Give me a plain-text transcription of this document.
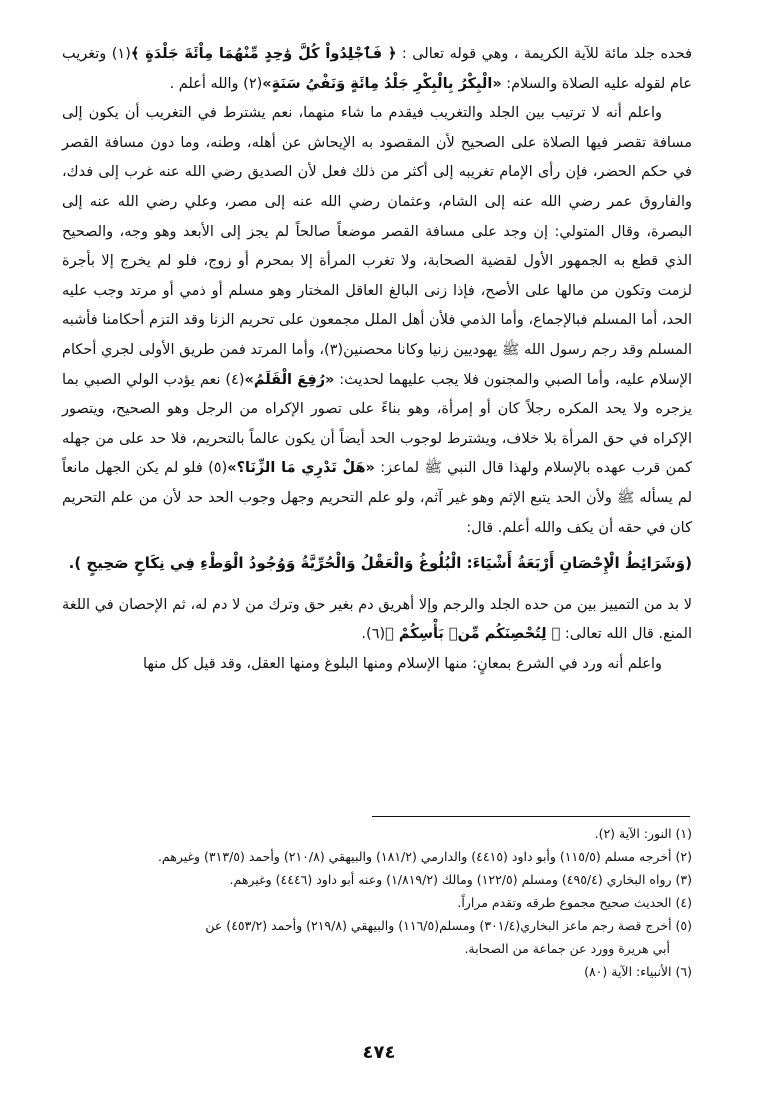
فحده جلد مائة للآية الكريمة ، وهي قوله تعالى : ﴿ فَٱجْلِدُواْ كُلَّ وَٰحِدٍ مِّنْهُمَا مِاْئَةَ جَلْدَةٍ ﴾(١) وتغريب عام لقوله عليه الصلاة والسلام: «الْبِكْرُ بِالْبِكْرِ جَلْدُ مِائَةٍ وَنَفْيُ سَنَةٍ»(٢) والله أعلم .

واعلم أنه لا ترتيب بين الجلد والتغريب فيقدم ما شاء منهما، نعم يشترط في التغريب أن يكون إلى مسافة تقصر فيها الصلاة على الصحيح لأن المقصود به الإيحاش عن أهله، وطنه، وما دون مسافة القصر في حكم الحضر، فإن رأى الإمام تغريبه إلى أكثر من ذلك فعل لأن الصديق رضي الله عنه غرب إلى فدك، والفاروق عمر رضي الله عنه إلى الشام، وعثمان رضي الله عنه إلى مصر، وعلي رضي الله عنه إلى البصرة، وقال المتولي: إن وجد على مسافة القصر موضعاً صالحاً لم يجز إلى الأبعد وهو وجه، والصحيح الذي قطع به الجمهور الأول لقضية الصحابة، ولا تغرب المرأة إلا بمحرم أو زوج، فلو لم يخرج إلا بأجرة لزمت وتكون من مالها على الأصح، فإذا زنى البالغ العاقل المختار وهو مسلم أو ذمي أو مرتد وجب عليه الحد، أما المسلم فبالإجماع، وأما الذمي فلأن أهل الملل مجمعون على تحريم الزنا وقد التزم أحكامنا فأشبه المسلم وقد رجم رسول الله ﷺ يهوديين زنيا وكانا محصنين(٣)، وأما المرتد فمن طريق الأولى لجري أحكام الإسلام عليه، وأما الصبي والمجنون فلا يجب عليهما لحديث: «رُفِعَ الْقَلَمُ»(٤) نعم يؤدب الولي الصبي بما يزجره ولا يحد المكره رجلاً كان أو إمرأة، وهو بناءً على تصور الإكراه من الرجل وهو الصحيح، ويتصور الإكراه في حق المرأة بلا خلاف، ويشترط لوجوب الحد أيضاً أن يكون عالماً بالتحريم، فلا حد على من جهله كمن قرب عهده بالإسلام ولهذا قال النبي ﷺ لماعز: «هَلْ تَدْرِي مَا الزِّنَا؟»(٥) فلو لم يكن الجهل مانعاً لم يسأله ﷺ ولأن الحد يتبع الإثم وهو غير آثم، ولو علم التحريم وجهل وجوب الحد حد لأن من علم التحريم كان في حقه أن يكف والله أعلم. قال:

(وَشَرَائِطُ الْإِحْصَانِ أَرْبَعَةُ أَشْيَاءَ: الْبُلُوغُ وَالْعَقْلُ وَالْحُرِّيَّةُ وَوُجُودُ الْوَطْءِ فِي نِكَاحٍ صَحِيحٍ ).

لا بد من التمييز بين من حده الجلد والرجم وإلا أهريق دم بغير حق وترك من لا دم له، ثم الإحصان في اللغة المنع. قال الله تعالى: ﴿ لِتُحْصِنَكُم مِّنۢ بَأْسِكُمْ ﴾(٦).

واعلم أنه ورد في الشرع بمعانٍ: منها الإسلام ومنها البلوغ ومنها العقل، وقد قيل كل منها

(١) النور: الآية (٢).
(٢) أخرجه مسلم (١١٥/٥) وأبو داود (٤٤١٥) والدارمي (١٨١/٢) والبيهقي (٢١٠/٨) وأحمد (٣١٣/٥) وغيرهم.
(٣) رواه البخاري (٤٩٥/٤) ومسلم (١٢٢/٥) ومالك (١/٨١٩/٢) وعنه أبو داود (٤٤٤٦) وغيرهم.
(٤) الحديث صحيح مجموع طرقه وتقدم مراراً.
(٥) أخرج قصة رجم ماعز البخاري(٣٠١/٤) ومسلم(١١٦/٥) والبيهقي (٢١٩/٨) وأحمد (٤٥٣/٢) عن
أبي هريرة وورد عن جماعة من الصحابة.
(٦) الأنبياء: الآية (٨٠)
٤٧٤
